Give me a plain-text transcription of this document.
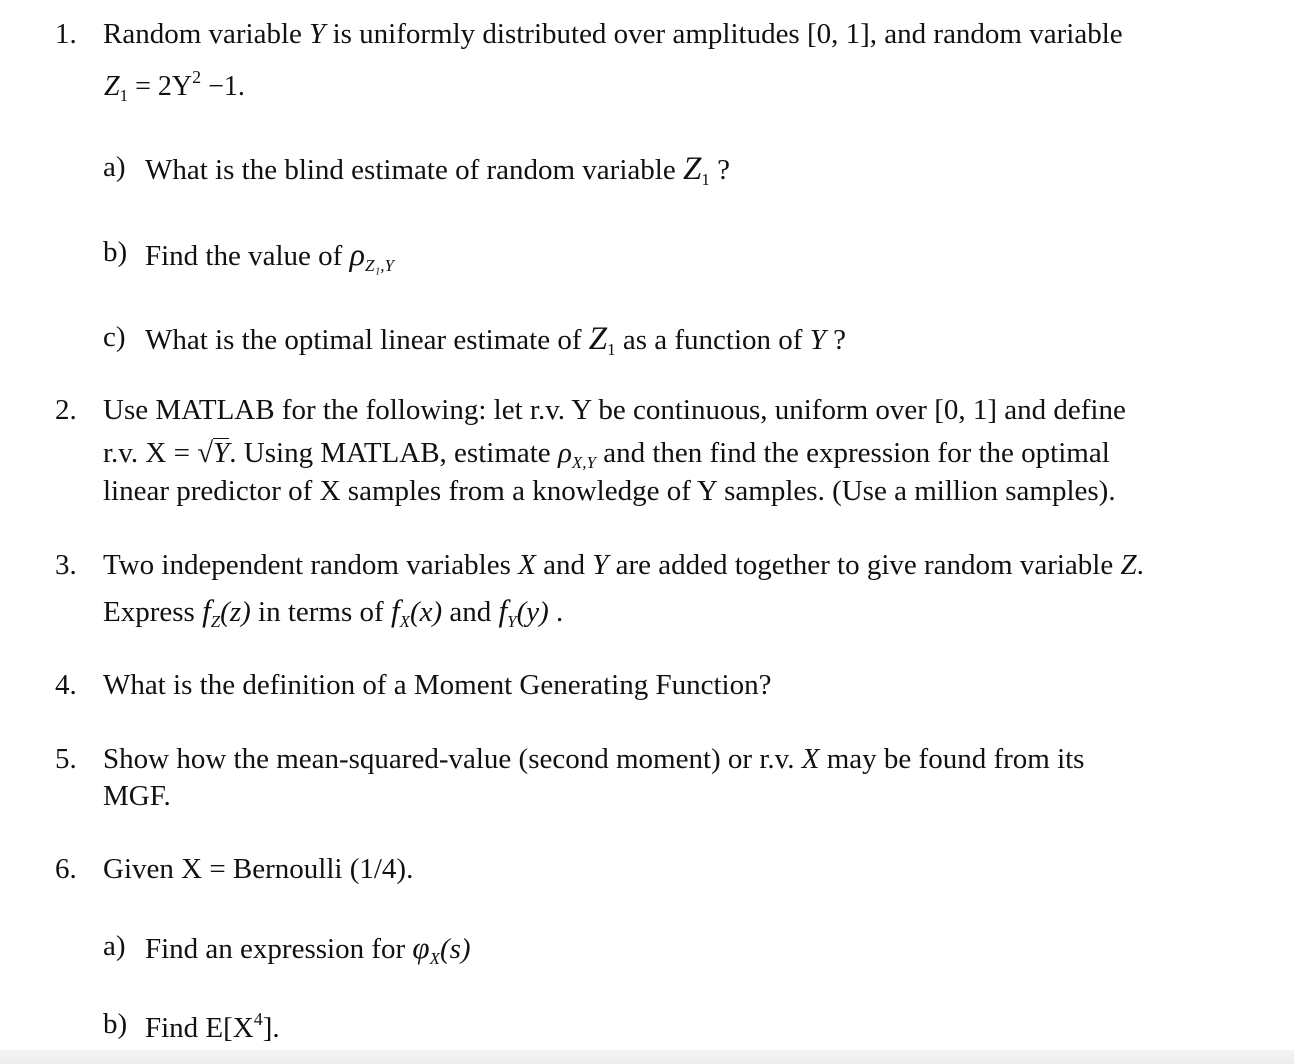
1. Random variable Y is uniformly distributed over amplitudes [0, 1], and random variable
$Z_1 = 2Y^2 -1$.
a) What is the blind estimate of random variable $Z_1$ ?
b) Find the value of $\rho_{Z_1,Y}$
c) What is the optimal linear estimate of $Z_1$ as a function of Y ?
2. Use MATLAB for the following: let r.v. Y be continuous, uniform over [0, 1] and define
r.v. X = √Y. Using MATLAB, estimate $\rho_{X,Y}$ and then find the expression for the optimal
linear predictor of X samples from a knowledge of Y samples. (Use a million samples).
3. Two independent random variables X and Y are added together to give random variable Z.
Express $f_Z(z)$ in terms of $f_X(x)$ and $f_Y(y)$ .
4. What is the definition of a Moment Generating Function?
5. Show how the mean-squared-value (second moment) or r.v. X may be found from its
MGF.
6. Given X = Bernoulli (1/4).
a) Find an expression for $\varphi_X(s)$
b) Find $E[X^4]$.
